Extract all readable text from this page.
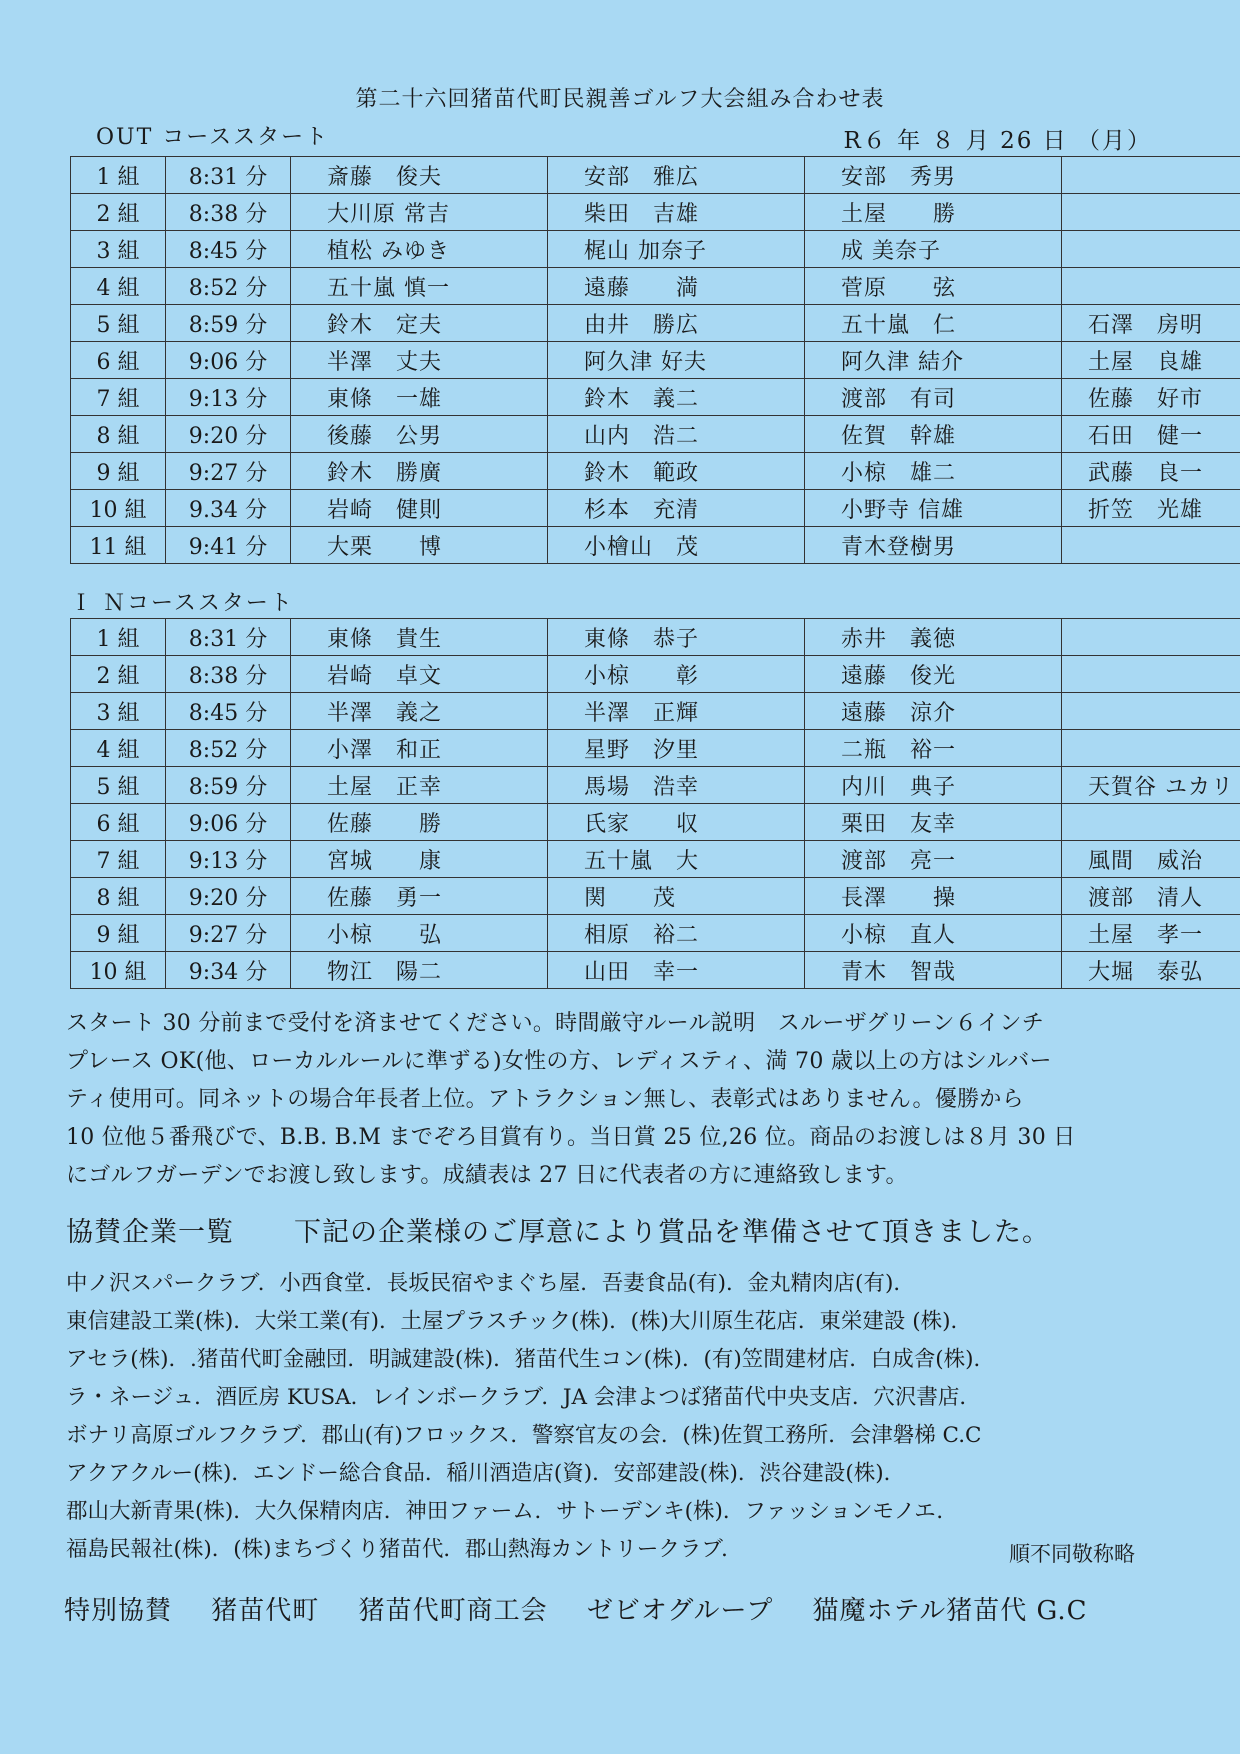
第二十六回猪苗代町民親善ゴルフ大会組み合わせ表
OUT コーススタート	R６ 年 ８ 月 26 日 （月）
1 組	8:31 分	斎藤　俊夫	安部　雅広	安部　秀男	
2 組	8:38 分	大川原 常吉	柴田　吉雄	土屋　　勝	
3 組	8:45 分	植松 みゆき	梶山 加奈子	成 美奈子	
4 組	8:52 分	五十嵐 慎一	遠藤　　満	菅原　　弦	
5 組	8:59 分	鈴木　定夫	由井　勝広	五十嵐　仁	石澤　房明
6 組	9:06 分	半澤　丈夫	阿久津 好夫	阿久津 結介	土屋　良雄
7 組	9:13 分	東條　一雄	鈴木　義二	渡部　有司	佐藤　好市
8 組	9:20 分	後藤　公男	山内　浩二	佐賀　幹雄	石田　健一
9 組	9:27 分	鈴木　勝廣	鈴木　範政	小椋　雄二	武藤　良一
10 組	9.34 分	岩崎　健則	杉本　充清	小野寺 信雄	折笠　光雄
11 組	9:41 分	大栗　　博	小檜山　茂	青木登樹男	
Ｉ Ｎコーススタート
1 組	8:31 分	東條　貴生	東條　恭子	赤井　義徳	
2 組	8:38 分	岩崎　卓文	小椋　　彰	遠藤　俊光	
3 組	8:45 分	半澤　義之	半澤　正輝	遠藤　涼介	
4 組	8:52 分	小澤　和正	星野　汐里	二瓶　裕一	
5 組	8:59 分	土屋　正幸	馬場　浩幸	内川　典子	天賀谷 ユカリ
6 組	9:06 分	佐藤　　勝	氏家　　収	栗田　友幸	
7 組	9:13 分	宮城　　康	五十嵐　大	渡部　亮一	風間　威治
8 組	9:20 分	佐藤　勇一	関　　茂	長澤　　操	渡部　清人
9 組	9:27 分	小椋　　弘	相原　裕二	小椋　直人	土屋　孝一
10 組	9:34 分	物江　陽二	山田　幸一	青木　智哉	大堀　泰弘
スタート 30 分前まで受付を済ませてください。時間厳守ルール説明　スルーザグリーン６インチ
プレース OK(他、ローカルルールに準ずる)女性の方、レディスティ、満 70 歳以上の方はシルバー
ティ使用可。同ネットの場合年長者上位。アトラクション無し、表彰式はありません。優勝から
10 位他５番飛びで、B.B. B.M までぞろ目賞有り。当日賞 25 位,26 位。商品のお渡しは８月 30 日
にゴルフガーデンでお渡し致します。成績表は 27 日に代表者の方に連絡致します。
協賛企業一覧 下記の企業様のご厚意により賞品を準備させて頂きました。
中ノ沢スパークラブ．小西食堂．長坂民宿やまぐち屋．吾妻食品(有)．金丸精肉店(有)．
東信建設工業(株)．大栄工業(有)．土屋プラスチック(株)．(株)大川原生花店．東栄建設 (株)．
アセラ(株)．.猪苗代町金融団．明誠建設(株)．猪苗代生コン(株)．(有)笠間建材店．白成舎(株)．
ラ・ネージュ．酒匠房 KUSA．レインボークラブ．JA 会津よつば猪苗代中央支店．穴沢書店．
ボナリ高原ゴルフクラブ．郡山(有)フロックス．警察官友の会．(株)佐賀工務所．会津磐梯 C.C
アクアクルー(株)．エンドー総合食品．稲川酒造店(資)．安部建設(株)．渋谷建設(株)．
郡山大新青果(株)．大久保精肉店．神田ファーム．サトーデンキ(株)．ファッションモノエ．
福島民報社(株)．(株)まちづくり猪苗代．郡山熱海カントリークラブ．	順不同敬称略
特別協賛 猪苗代町 猪苗代町商工会 ゼビオグループ 猫魔ホテル猪苗代 G.C
